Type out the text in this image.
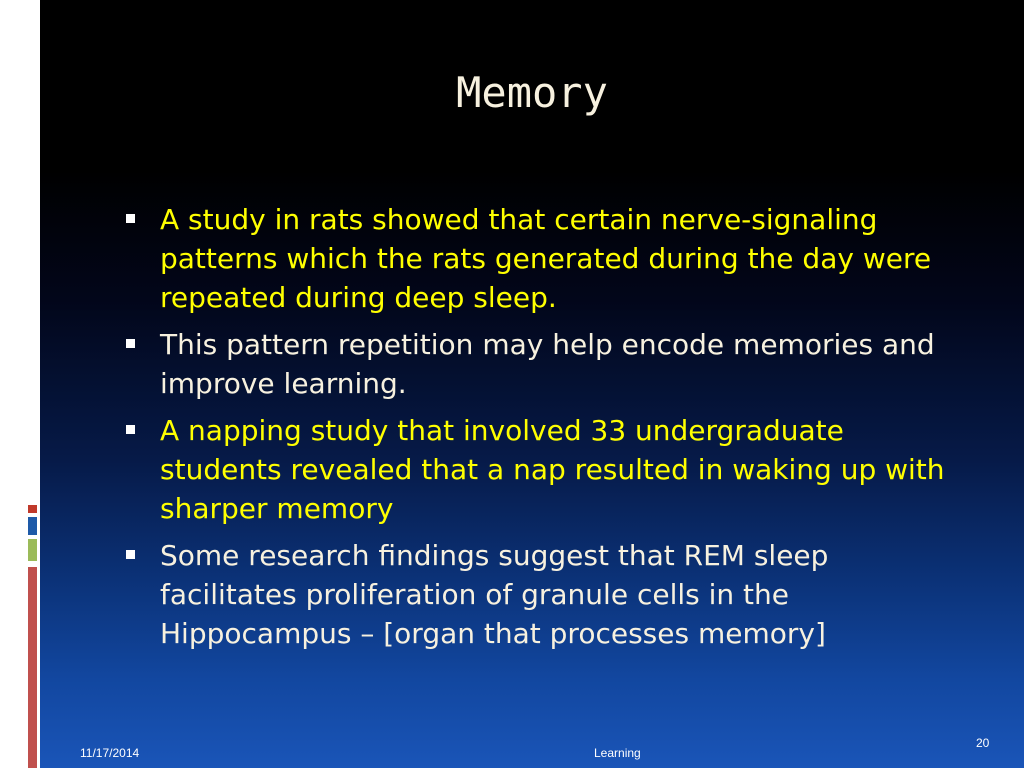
Memory
A study in rats showed that certain nerve-signaling patterns which the rats generated during the day were repeated during deep sleep.
This pattern repetition may help encode memories and improve learning.
A napping study that involved 33 undergraduate students revealed that a nap resulted in waking up with sharper memory
Some research findings suggest that REM sleep facilitates proliferation of granule cells in the Hippocampus – [organ that processes memory]
11/17/2014	Learning
20
